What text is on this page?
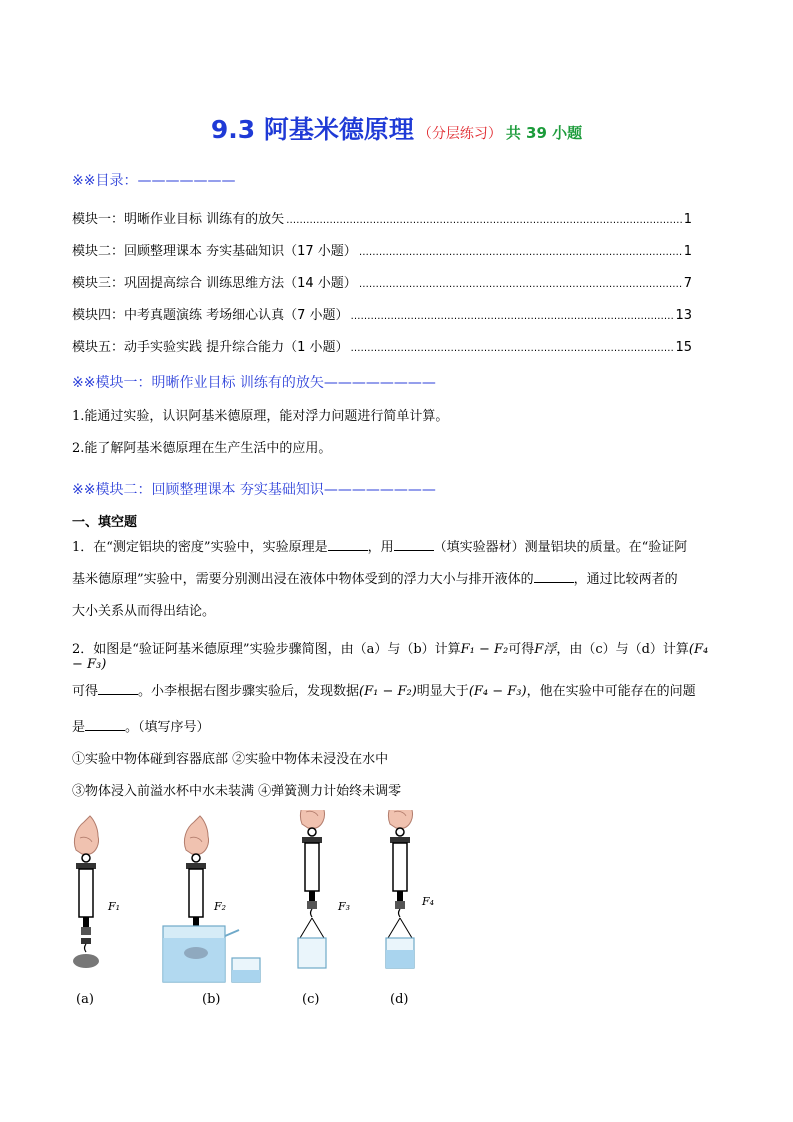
9.3 阿基米德原理 （分层练习） 共 39 小题
※※目录：———————
模块一：明晰作业目标 训练有的放矢 ……………………………………………………………………………………………………………………………………………	1
模块二：回顾整理课本 夯实基础知识（17 小题） ……………………………………………………………………………………………………………………………………………	1
模块三：巩固提高综合 训练思维方法（14 小题） ……………………………………………………………………………………………………………………………………………	7
模块四：中考真题演练 考场细心认真（7 小题） ……………………………………………………………………………………………………………………………………………	13
模块五：动手实验实践 提升综合能力（1 小题） ……………………………………………………………………………………………………………………………………………	15
※※模块一：明晰作业目标 训练有的放矢————————
1.能通过实验，认识阿基米德原理，能对浮力问题进行简单计算。
2.能了解阿基米德原理在生产生活中的应用。
※※模块二：回顾整理课本 夯实基础知识————————
一、填空题
1．在“测定铝块的密度”实验中，实验原理是	，用	（填实验器材）测量铝块的质量。在“验证阿
基米德原理”实验中，需要分别测出浸在液体中物体受到的浮力大小与排开液体的	，通过比较两者的
大小关系从而得出结论。
2．如图是“验证阿基米德原理”实验步骤简图，由（a）与（b）计算F₁ − F₂可得F浮，由（c）与（d）计算(F₄ − F₃)
可得	。小李根据右图步骤实验后，发现数据(F₁ − F₂)明显大于(F₄ − F₃)，他在实验中可能存在的问题
是	。（填写序号）
①实验中物体碰到容器底部 ②实验中物体未浸没在水中
③物体浸入前溢水杯中水未装满 ④弹簧测力计始终未调零
F₁
(a)
F₂
(b)
F₃
(c)
F₄
(d)
